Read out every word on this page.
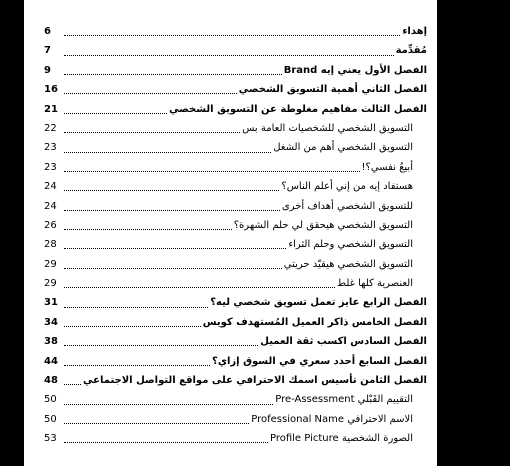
إهداء
6
مُقدِّمة
7
الفصل الأول يعني إيه Brand
9
الفصل الثاني أهمية التسويق الشخصي
16
الفصل الثالث مفاهيم مغلوطة عن التسويق الشخصي
21
التسويق الشخصي للشخصيات العامة بس
22
التسويق الشخصي أهم من الشغل
23
أبيعُ نفسي؟!
23
هستفاد إيه من إني أعلم الناس؟
24
للتسويق الشخصي أهداف أخرى
24
التسويق الشخصي هيحقق لي حلم الشهرة؟
26
التسويق الشخصي وحلم الثراء
28
التسويق الشخصي هيقيّد حريتي
29
العنصرية كلها غلط
29
الفصل الرابع عايز تعمل تسويق شخصي ليه؟
31
الفصل الخامس ذاكر العميل المُستهدف كويس
34
الفصل السادس اكسب ثقة العميل
38
الفصل السابع أحدد سعري في السوق إزاي؟
44
الفصل الثامن تأسيس اسمك الاحترافي على مواقع التواصل الاجتماعي
48
التقييم القَبْلي Pre-Assessment
50
الاسم الاحترافي Professional Name
50
الصورة الشخصية Profile Picture
53
